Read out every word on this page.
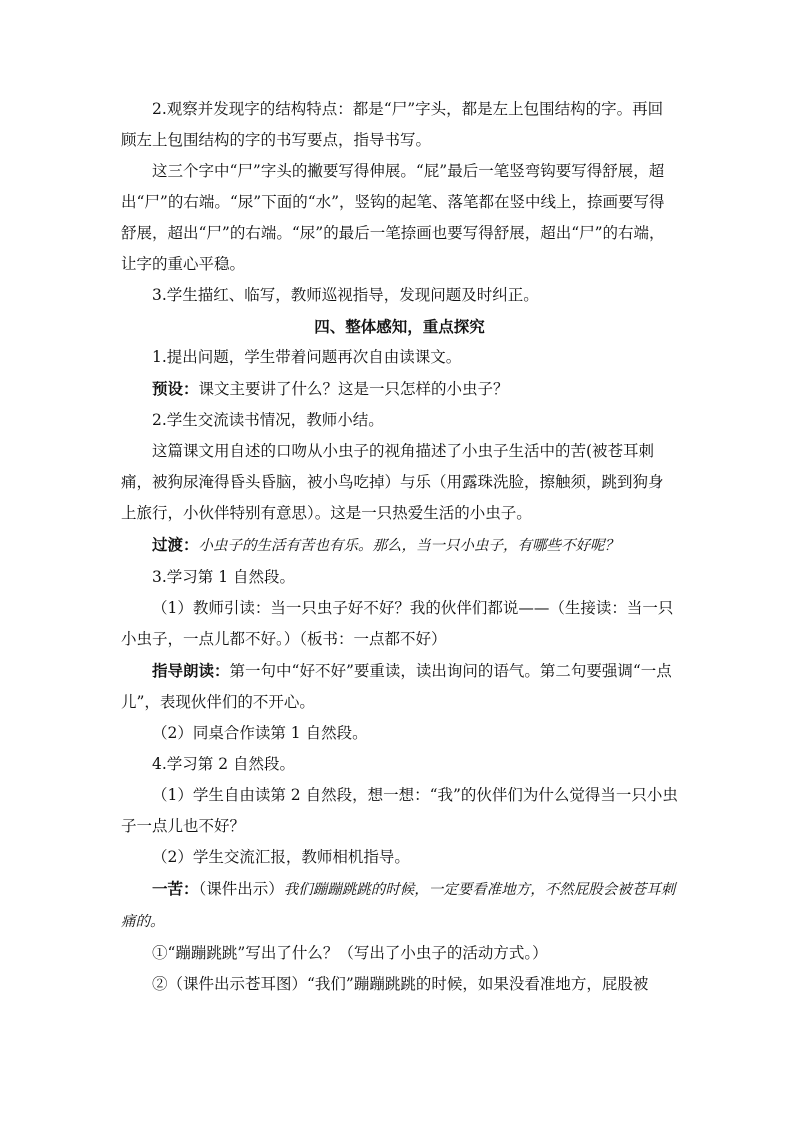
2.观察并发现字的结构特点：都是“尸”字头，都是左上包围结构的字。再回顾左上包围结构的字的书写要点，指导书写。

这三个字中“尸”字头的撇要写得伸展。“屁”最后一笔竖弯钩要写得舒展，超出“尸”的右端。“尿”下面的“水”，竖钩的起笔、落笔都在竖中线上，捺画要写得舒展，超出“尸”的右端。“尿”的最后一笔捺画也要写得舒展，超出“尸”的右端，让字的重心平稳。

3.学生描红、临写，教师巡视指导，发现问题及时纠正。

四、整体感知，重点探究

1.提出问题，学生带着问题再次自由读课文。

预设：课文主要讲了什么？这是一只怎样的小虫子？

2.学生交流读书情况，教师小结。

这篇课文用自述的口吻从小虫子的视角描述了小虫子生活中的苦(被苍耳刺痛，被狗尿淹得昏头昏脑，被小鸟吃掉）与乐（用露珠洗脸，擦触须，跳到狗身上旅行，小伙伴特别有意思）。这是一只热爱生活的小虫子。

过渡：小虫子的生活有苦也有乐。那么，当一只小虫子，有哪些不好呢？

3.学习第 1 自然段。

（1）教师引读：当一只虫子好不好？我的伙伴们都说——（生接读：当一只小虫子，一点儿都不好。）（板书：一点都不好）

指导朗读：第一句中“好不好”要重读，读出询问的语气。第二句要强调“一点儿”，表现伙伴们的不开心。

（2）同桌合作读第 1 自然段。

4.学习第 2 自然段。

（1）学生自由读第 2 自然段，想一想：“我”的伙伴们为什么觉得当一只小虫子一点儿也不好？

（2）学生交流汇报，教师相机指导。

一苦：（课件出示）我们蹦蹦跳跳的时候，一定要看准地方，不然屁股会被苍耳刺痛的。

①“蹦蹦跳跳”写出了什么？（写出了小虫子的活动方式。）

②（课件出示苍耳图）“我们”蹦蹦跳跳的时候，如果没看准地方，屁股被
